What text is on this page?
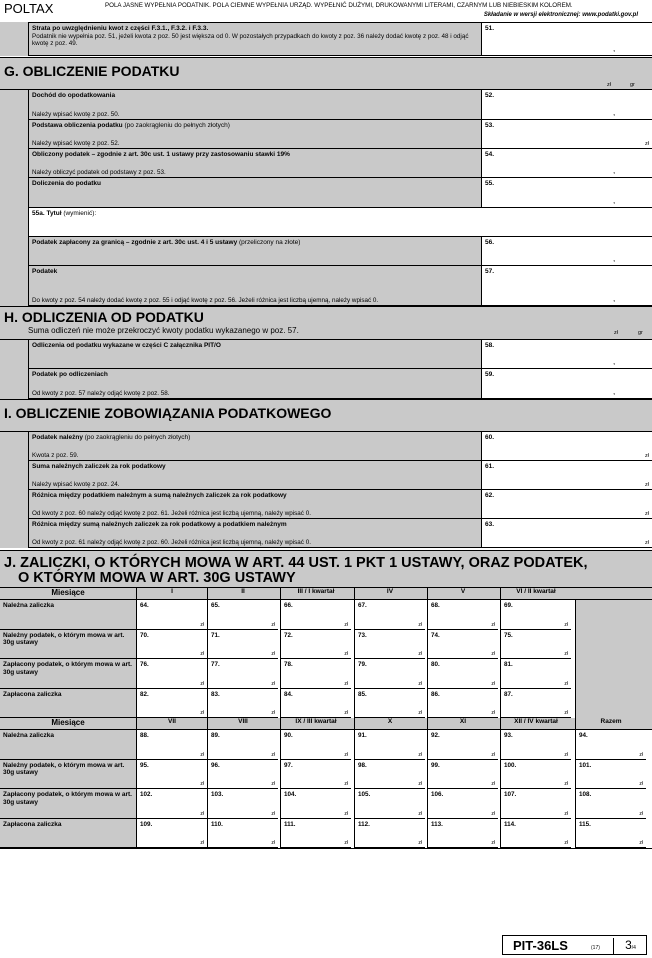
POLTAX	POLA JASNE WYPEŁNIA PODATNIK. POLA CIEMNE WYPEŁNIA URZĄD. WYPEŁNIĆ DUŻYMI, DRUKOWANYMI LITERAMI, CZARNYM LUB NIEBIESKIM KOLOREM.
Składanie w wersji elektronicznej: www.podatki.gov.pl
Strata po uwzględnieniu kwot z części F.3.1., F.3.2. i F.3.3.
Podatnik nie wypełnia poz. 51, jeżeli kwota z poz. 50 jest większa od 0. W pozostałych przypadkach do kwoty z poz. 36 należy dodać kwotę z poz. 48 i odjąć kwotę z poz. 49.
51.
,
G. OBLICZENIE PODATKU
zł	gr
Dochód do opodatkowania
Należy wpisać kwotę z poz. 50.
52.
,
Podstawa obliczenia podatku (po zaokrągleniu do pełnych złotych)
Należy wpisać kwotę z poz. 52.
53.
zł
Obliczony podatek – zgodnie z art. 30c ust. 1 ustawy przy zastosowaniu stawki 19%
Należy obliczyć podatek od podstawy z poz. 53.
54.
,
Doliczenia do podatku	55.
,
55a. Tytuł (wymienić):
Podatek zapłacony za granicą – zgodnie z art. 30c ust. 4 i 5 ustawy (przeliczony na złote)	56.
,
Podatek
Do kwoty z poz. 54 należy dodać kwotę z poz. 55 i odjąć kwotę z poz. 56. Jeżeli różnica jest liczbą ujemną, należy wpisać 0.
57.
,
H. ODLICZENIA OD PODATKU
Suma odliczeń nie może przekroczyć kwoty podatku wykazanego w poz. 57.	zł	gr
Odliczenia od podatku wykazane w części C załącznika PIT/O	58.
,
Podatek po odliczeniach
Od kwoty z poz. 57 należy odjąć kwotę z poz. 58.
59.
,
I. OBLICZENIE ZOBOWIĄZANIA PODATKOWEGO
Podatek należny (po zaokrągleniu do pełnych złotych)
Kwota z poz. 59.
60.
zł
Suma należnych zaliczek za rok podatkowy
Należy wpisać kwotę z poz. 24.
61.
zł
Różnica między podatkiem należnym a sumą należnych zaliczek za rok podatkowy
Od kwoty z poz. 60 należy odjąć kwotę z poz. 61. Jeżeli różnica jest liczbą ujemną, należy wpisać 0.
62.
zł
Różnica między sumą należnych zaliczek za rok podatkowy a podatkiem należnym
Od kwoty z poz. 61 należy odjąć kwotę z poz. 60. Jeżeli różnica jest liczbą ujemną, należy wpisać 0.
63.
zł
J. ZALICZKI, O KTÓRYCH MOWA W ART. 44 UST. 1 PKT 1 USTAWY, ORAZ PODATEK,
O KTÓRYM MOWA W ART. 30G USTAWY
Miesiące	I	II	III / I kwartał	IV	V	VI / II kwartał
Należna zaliczka	64.
zł
65.
zł
66.
zł
67.
zł
68.
zł
69.
zł
Należny podatek, o którym mowa w art. 30g ustawy
70.
zł
71.
zł
72.
zł
73.
zł
74.
zł
75.
zł
Zapłacony podatek, o którym mowa w art. 30g ustawy
76.
zł
77.
zł
78.
zł
79.
zł
80.
zł
81.
zł
Zapłacona zaliczka	82.
zł
83.
zł
84.
zł
85.
zł
86.
zł
87.
zł
Miesiące	VII	VIII	IX / III kwartał	X	XI	XII / IV kwartał	Razem
Należna zaliczka	88.
zł
89.
zł
90.
zł
91.
zł
92.
zł
93.
zł
94.
zł
Należny podatek, o którym mowa w art. 30g ustawy
95.
zł
96.
zł
97.
zł
98.
zł
99.
zł
100.
zł
101.
zł
Zapłacony podatek, o którym mowa w art. 30g ustawy
102.
zł
103.
zł
104.
zł
105.
zł
106.
zł
107.
zł
108.
zł
Zapłacona zaliczka	109.
zł
110.
zł
111.
zł
112.
zł
113.
zł
114.
zł
115.
zł
PIT-36LS	(17)	3/4
